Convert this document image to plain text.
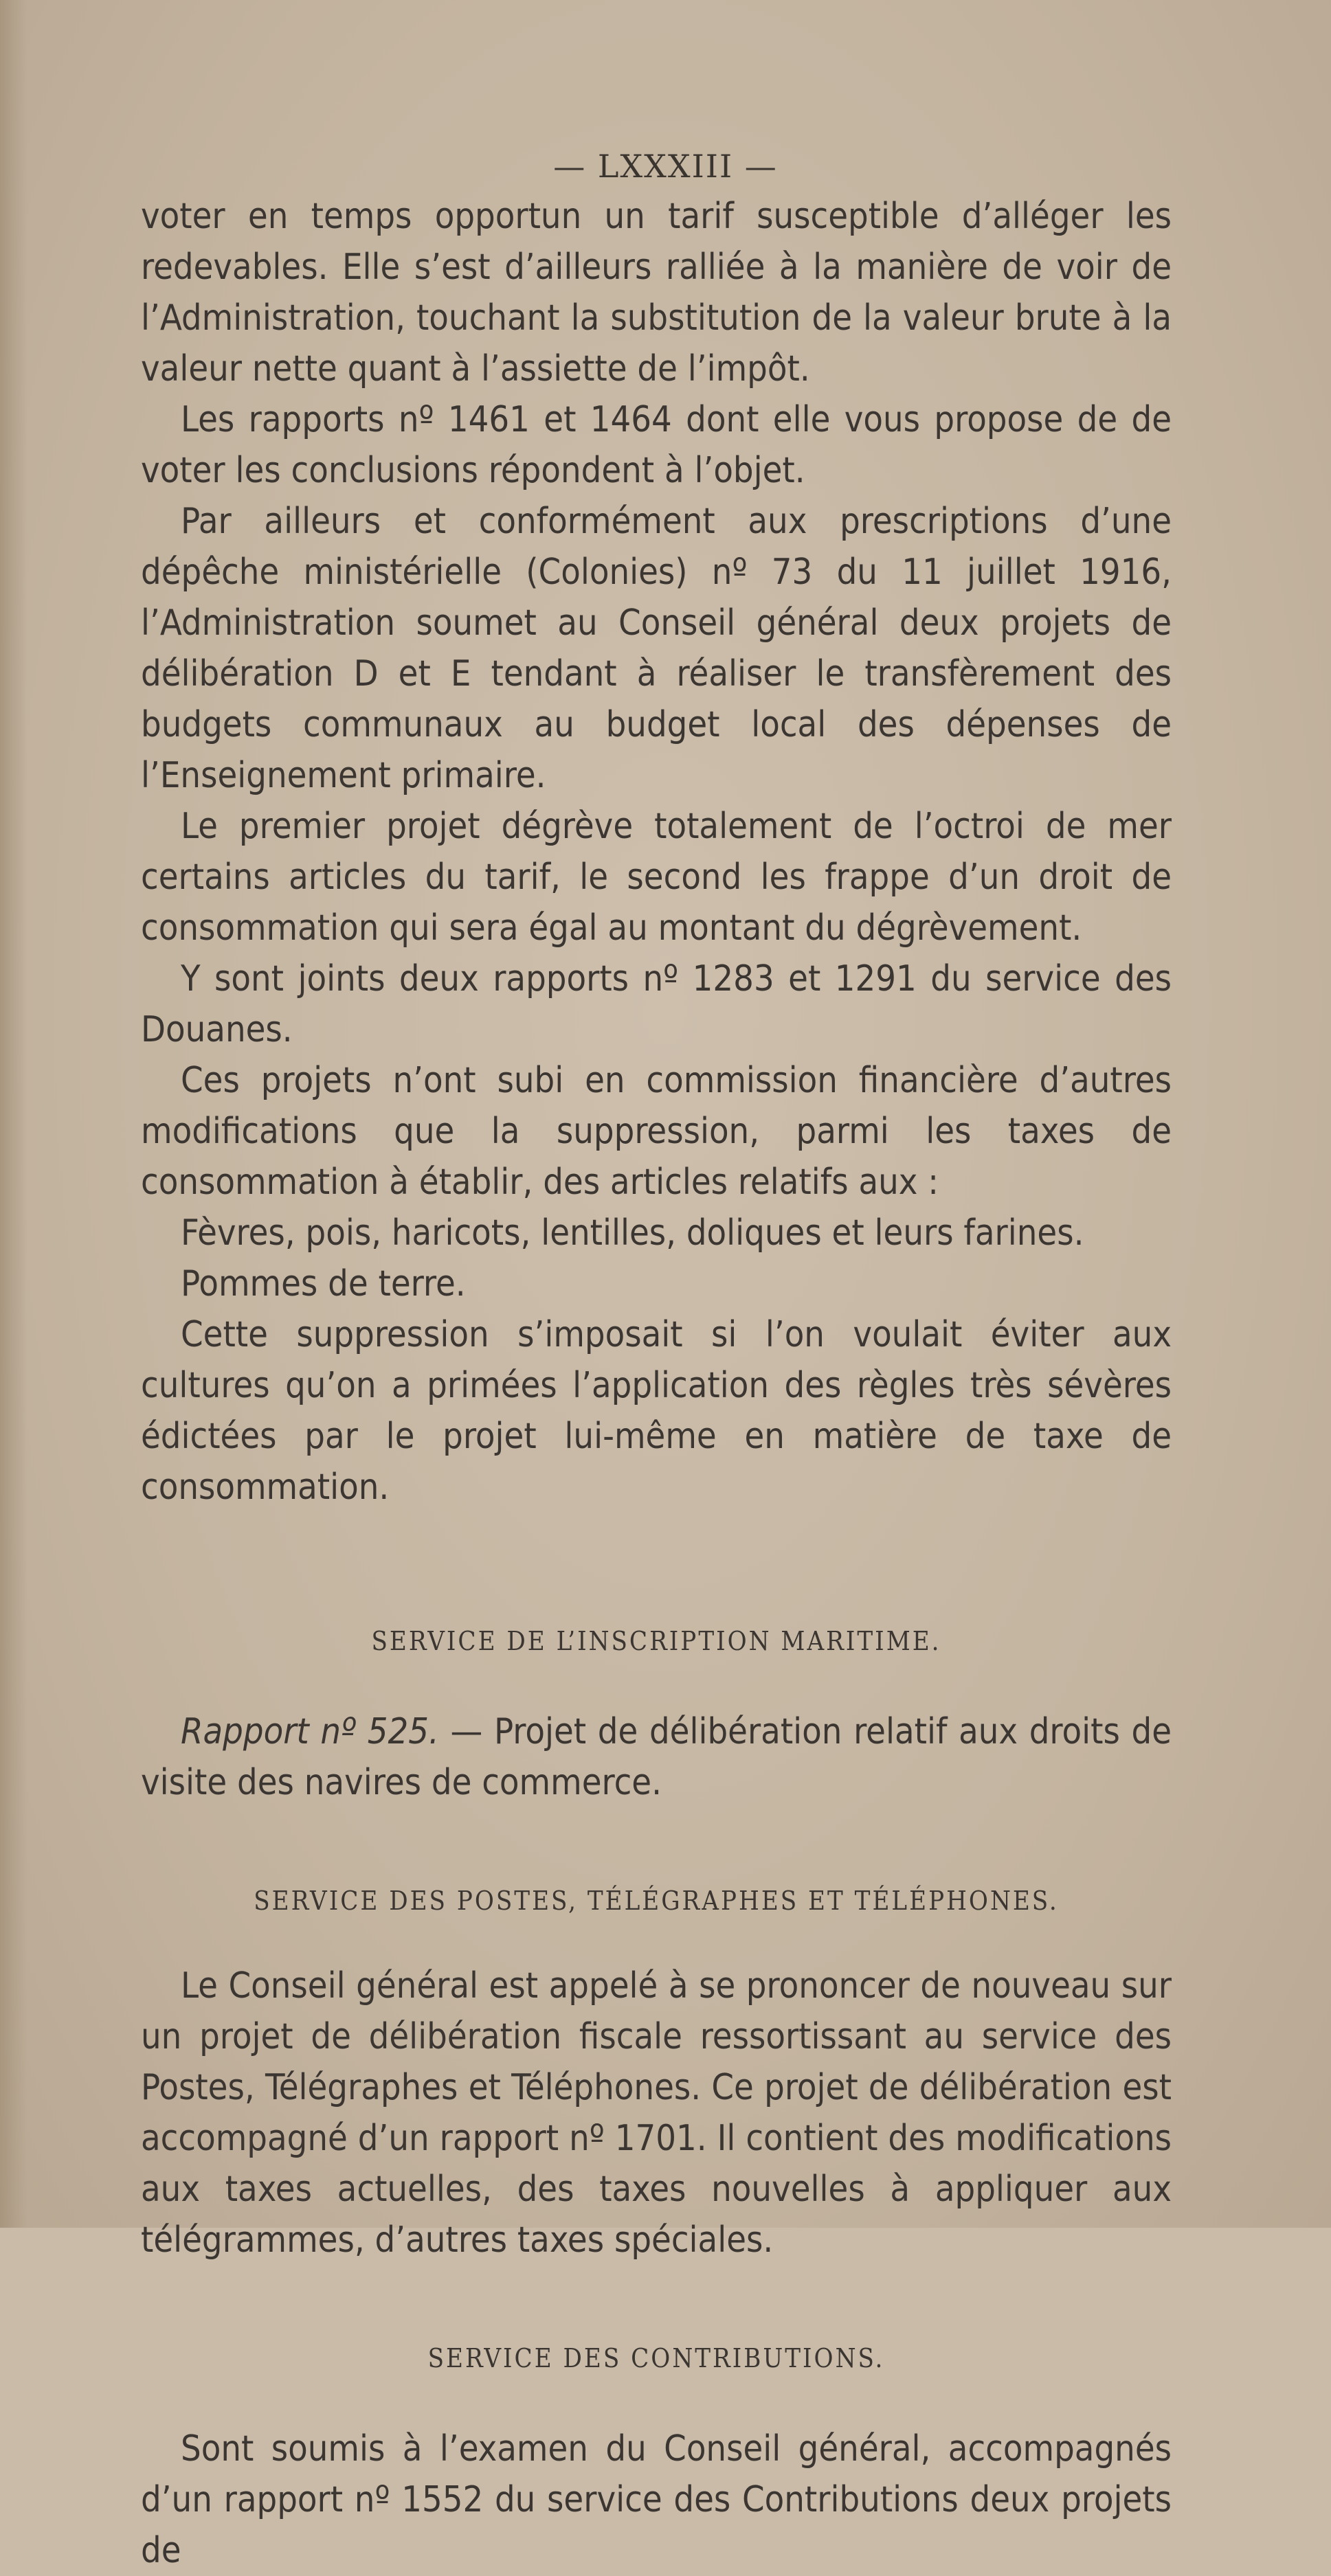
— LXXXIII —

voter en temps opportun un tarif susceptible d’alléger les redevables. Elle s’est d’ailleurs ralliée à la manière de voir de l’Administration, touchant la substitution de la valeur brute à la valeur nette quant à l’assiette de l’impôt.

Les rapports nº 1461 et 1464 dont elle vous propose de de voter les conclusions répondent à l’objet.

Par ailleurs et conformément aux prescriptions d’une dépêche ministérielle (Colonies) nº 73 du 11 juillet 1916, l’Administration soumet au Conseil général deux projets de délibération D et E tendant à réaliser le transfèrement des budgets communaux au budget local des dépenses de l’Enseignement primaire.

Le premier projet dégrève totalement de l’octroi de mer certains articles du tarif, le second les frappe d’un droit de consommation qui sera égal au montant du dégrèvement.

Y sont joints deux rapports nº 1283 et 1291 du service des Douanes.

Ces projets n’ont subi en commission financière d’autres modifications que la suppression, parmi les taxes de consommation à établir, des articles relatifs aux :

Fèvres, pois, haricots, lentilles, doliques et leurs farines.

Pommes de terre.

Cette suppression s’imposait si l’on voulait éviter aux cultures qu’on a primées l’application des règles très sévères édictées par le projet lui-même en matière de taxe de consommation.

SERVICE DE L’INSCRIPTION MARITIME.

Rapport nº 525. — Projet de délibération relatif aux droits de visite des navires de commerce.

SERVICE DES POSTES, TÉLÉGRAPHES ET TÉLÉPHONES.

Le Conseil général est appelé à se prononcer de nouveau sur un projet de délibération fiscale ressortissant au service des Postes, Télégraphes et Téléphones. Ce projet de délibération est accompagné d’un rapport nº 1701. Il contient des modifications aux taxes actuelles, des taxes nouvelles à appliquer aux télégrammes, d’autres taxes spéciales.

SERVICE DES CONTRIBUTIONS.

Sont soumis à l’examen du Conseil général, accompagnés d’un rapport nº 1552 du service des Contributions deux projets de
